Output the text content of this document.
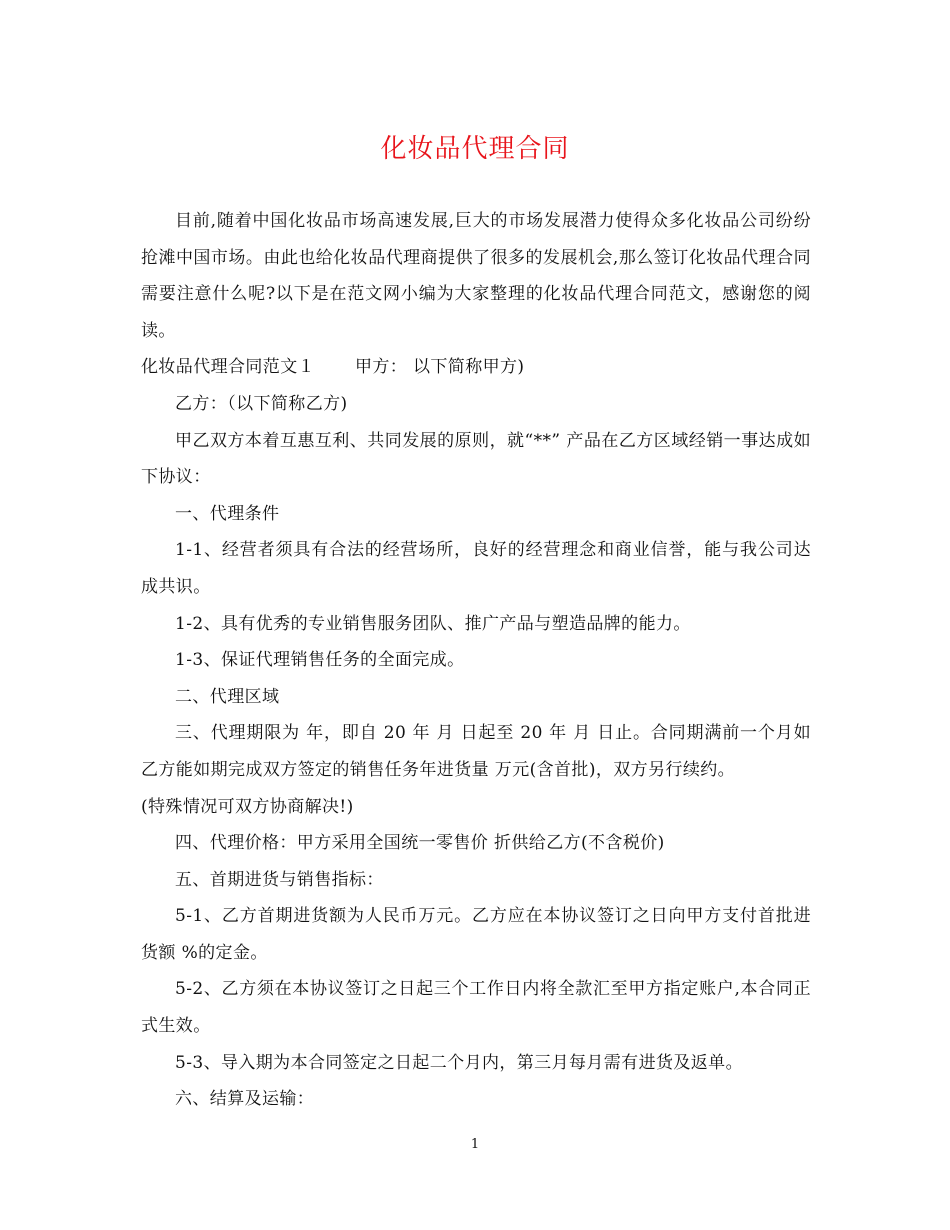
化妆品代理合同

目前,随着中国化妆品市场高速发展,巨大的市场发展潜力使得众多化妆品公司纷纷抢滩中国市场。由此也给化妆品代理商提供了很多的发展机会,那么签订化妆品代理合同需要注意什么呢?以下是在范文网小编为大家整理的化妆品代理合同范文，感谢您的阅读。

化妆品代理合同范文１ 甲方： 以下简称甲方)

乙方：（以下简称乙方)

甲乙双方本着互惠互利、共同发展的原则，就“**” 产品在乙方区域经销一事达成如下协议：

一、代理条件

1-1、经营者须具有合法的经营场所，良好的经营理念和商业信誉，能与我公司达成共识。

1-2、具有优秀的专业销售服务团队、推广产品与塑造品牌的能力。

1-3、保证代理销售任务的全面完成。

二、代理区域

三、代理期限为 年，即自 20 年 月 日起至 20 年 月 日止。合同期满前一个月如乙方能如期完成双方签定的销售任务年进货量 万元(含首批)，双方另行续约。

(特殊情况可双方协商解决!)

四、代理价格：甲方采用全国统一零售价 折供给乙方(不含税价)

五、首期进货与销售指标：

5-1、乙方首期进货额为人民币万元。乙方应在本协议签订之日向甲方支付首批进货额 %的定金。

5-2、乙方须在本协议签订之日起三个工作日内将全款汇至甲方指定账户,本合同正式生效。

5-3、导入期为本合同签定之日起二个月内，第三月每月需有进货及返单。

六、结算及运输：

1
